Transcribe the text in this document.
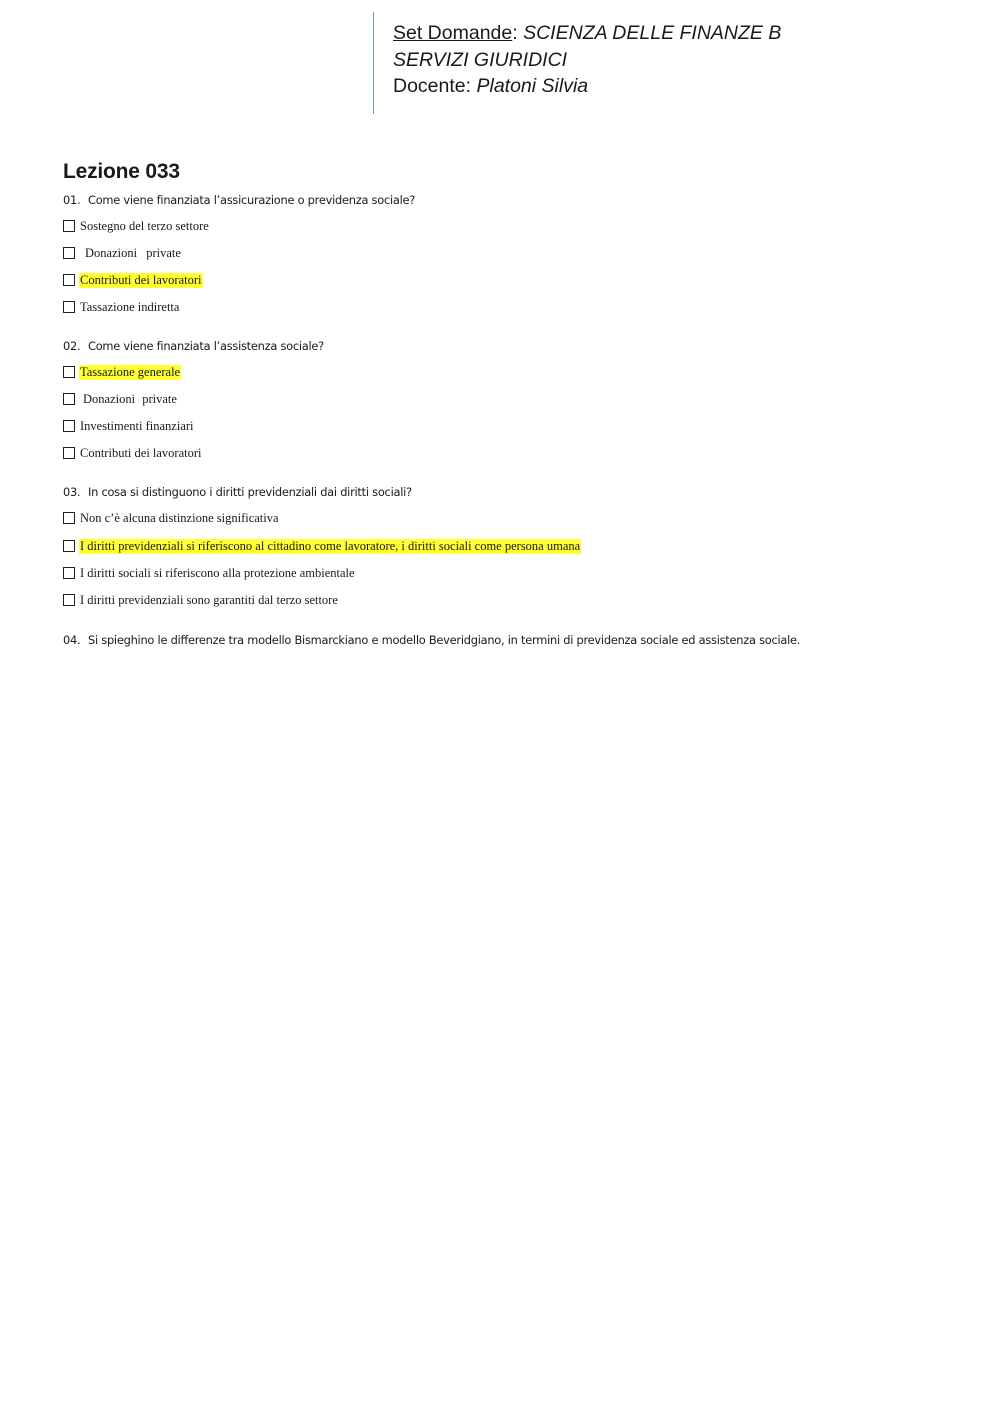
Set Domande: SCIENZA DELLE FINANZE B
SERVIZI GIURIDICI
Docente: Platoni Silvia
Lezione 033
01. Come viene finanziata l’assicurazione o previdenza sociale?
Sostegno del terzo settore
Donazioni private
Contributi dei lavoratori
Tassazione indiretta
02. Come viene finanziata l’assistenza sociale?
Tassazione generale
Donazioni private
Investimenti finanziari
Contributi dei lavoratori
03. In cosa si distinguono i diritti previdenziali dai diritti sociali?
Non c’è alcuna distinzione significativa
I diritti previdenziali si riferiscono al cittadino come lavoratore, i diritti sociali come persona umana
I diritti sociali si riferiscono alla protezione ambientale
I diritti previdenziali sono garantiti dal terzo settore
04. Si spieghino le differenze tra modello Bismarckiano e modello Beveridgiano, in termini di previdenza sociale ed assistenza sociale.
